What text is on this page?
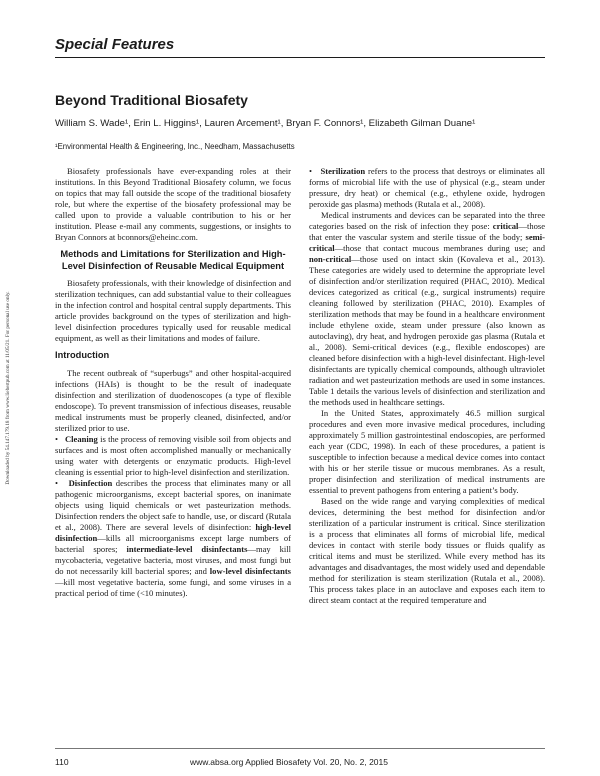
Special Features
Beyond Traditional Biosafety
William S. Wade¹, Erin L. Higgins¹, Lauren Arcement¹, Bryan F. Connors¹, Elizabeth Gilman Duane¹
¹Environmental Health & Engineering, Inc., Needham, Massachusetts

Biosafety professionals have ever-expanding roles at their institutions. In this Beyond Traditional Biosafety column, we focus on topics that may fall outside the scope of the traditional biosafety role, but where the expertise of the biosafety professional may be called upon to provide a valuable contribution to his or her institution. Please e-mail any comments, suggestions, or insights to Bryan Connors at bconnors@eheinc.com.

Methods and Limitations for Sterilization and High-Level Disinfection of Reusable Medical Equipment

Biosafety professionals, with their knowledge of disinfection and sterilization techniques, can add substantial value to their colleagues in the infection control and hospital central supply departments. This article provides background on the types of sterilization and high-level disinfection procedures typically used for reusable medical equipment, as well as their limitations and modes of failure.

Introduction

The recent outbreak of “superbugs” and other hospital-acquired infections (HAIs) is thought to be the result of inadequate disinfection and sterilization of duodenoscopes (a type of flexible endoscope). To prevent transmission of infectious diseases, reusable medical instruments must be properly cleaned, disinfected, and/or sterilized prior to use.

• Cleaning is the process of removing visible soil from objects and surfaces and is most often accomplished manually or mechanically using water with detergents or enzymatic products. High-level cleaning is essential prior to high-level disinfection and sterilization.

• Disinfection describes the process that eliminates many or all pathogenic microorganisms, except bacterial spores, on inanimate objects using liquid chemicals or wet pasteurization methods. Disinfection renders the object safe to handle, use, or discard (Rutala et al., 2008). There are several levels of disinfection: high-level disinfection—kills all microorganisms except large numbers of bacterial spores; intermediate-level disinfectants—may kill mycobacteria, vegetative bacteria, most viruses, and most fungi but do not necessarily kill bacterial spores; and low-level disinfectants—kill most vegetative bacteria, some fungi, and some viruses in a practical period of time (<10 minutes).

• Sterilization refers to the process that destroys or eliminates all forms of microbial life with the use of physical (e.g., steam under pressure, dry heat) or chemical (e.g., ethylene oxide, hydrogen peroxide gas plasma) methods (Rutala et al., 2008).

Medical instruments and devices can be separated into the three categories based on the risk of infection they pose: critical—those that enter the vascular system and sterile tissue of the body; semi-critical—those that contact mucous membranes during use; and non-critical—those used on intact skin (Kovaleva et al., 2013). These categories are widely used to determine the appropriate level of disinfection and/or sterilization required (PHAC, 2010). Medical devices categorized as critical (e.g., surgical instruments) require cleaning followed by sterilization (PHAC, 2010). Examples of sterilization methods that may be found in a healthcare environment include ethylene oxide, steam under pressure (also known as autoclaving), dry heat, and hydrogen peroxide gas plasma (Rutala et al., 2008). Semi-critical devices (e.g., flexible endoscopes) are cleaned before disinfection with a high-level disinfectant. High-level disinfectants are typically chemical compounds, although ultraviolet radiation and wet pasteurization methods are used in some instances. Table 1 details the various levels of disinfection and sterilization and the methods used in healthcare settings.

In the United States, approximately 46.5 million surgical procedures and even more invasive medical procedures, including approximately 5 million gastrointestinal endoscopies, are performed each year (CDC, 1998). In each of these procedures, a patient is susceptible to infection because a medical device comes into contact with his or her sterile tissue or mucous membranes. As a result, proper disinfection and sterilization of medical instruments are essential to prevent pathogens from entering a patient’s body.

Based on the wide range and varying complexities of medical devices, determining the best method for disinfection and/or sterilization of a particular instrument is critical. Since sterilization is a process that eliminates all forms of microbial life, medical devices in contact with sterile body tissues or fluids qualify as critical items and must be sterilized. While every method has its advantages and disadvantages, the most widely used and dependable method for sterilization is steam sterilization (Rutala et al., 2008). This process takes place in an autoclave and exposes each item to direct steam contact at the required temperature and

110	www.absa.org Applied Biosafety Vol. 20, No. 2, 2015
Downloaded by 54.147.179.18 from www.liebertpub.com at 11/05/21. For personal use only.
